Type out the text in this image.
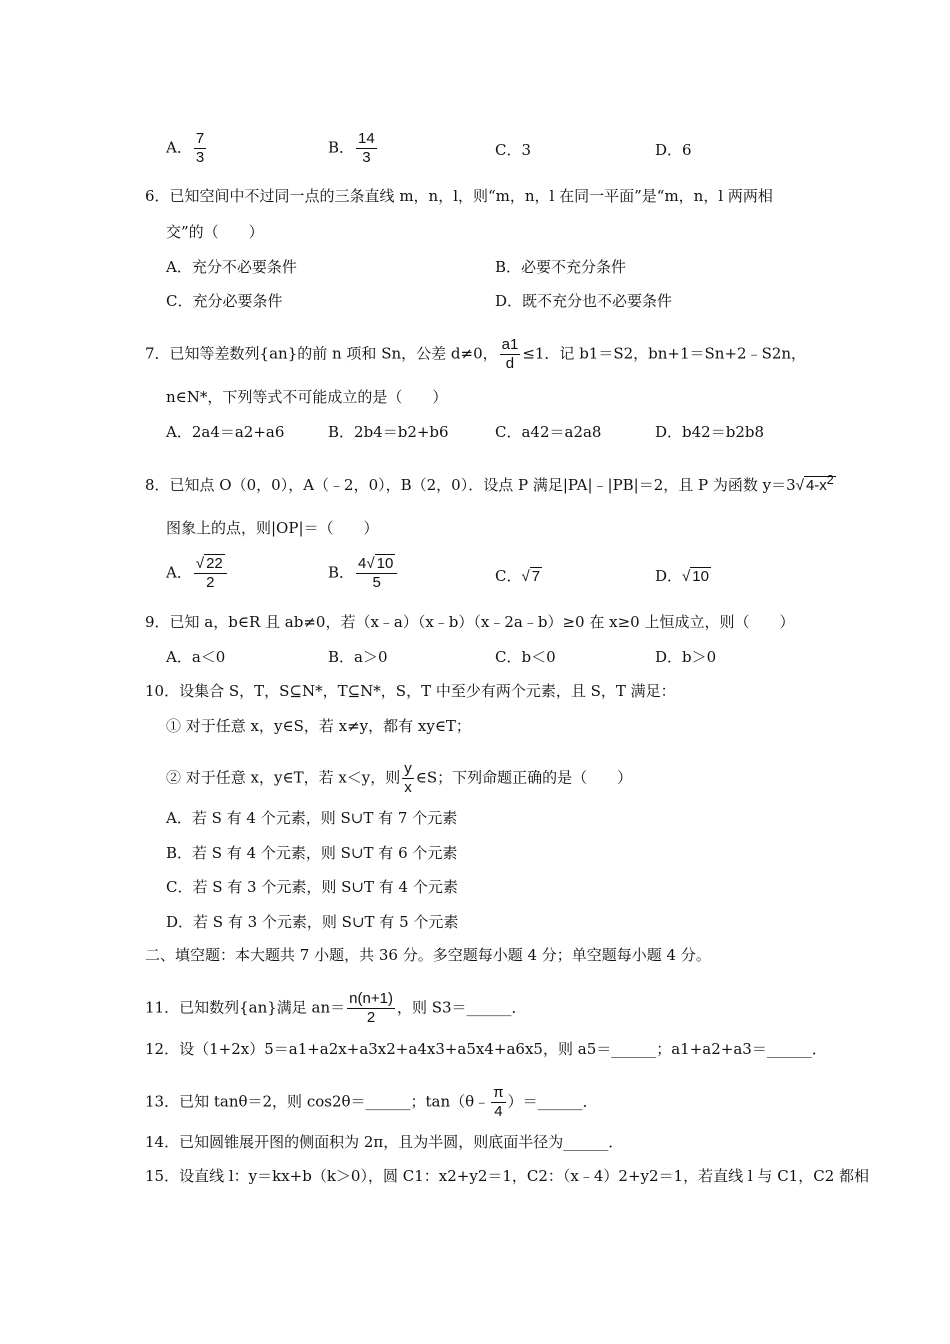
A． $\frac{7}{3}$	B． $\frac{14}{3}$	C．3	D．6
6．已知空间中不过同一点的三条直线 m，n，l，则“m，n，l 在同一平面”是“m，n，l 两两相
交”的（　　）
A．充分不必要条件	B．必要不充分条件
C．充分必要条件	D．既不充分也不必要条件
7．已知等差数列{an}的前 n 项和 Sn，公差 d≠0， $\frac{a1}{d} \le 1$．记 b1＝S2，bn+1＝Sn+2﹣S2n，
n∈N*，下列等式不可能成立的是（　　）
A．2a4＝a2+a6	B．2b4＝b2+b6	C．a42＝a2a8	D．b42＝b2b8
8．已知点 O（0，0），A（﹣2，0），B（2，0）．设点 P 满足|PA|﹣|PB|＝2，且 P 为函数 y＝3√ $4-x^2$
图象上的点，则|OP|＝（　　）
A． $\frac{√ 22}{2}$	B． $\frac{4√ 10}{5}$	C．√ 7	D．√ 10
9．已知 a，b∈R 且 ab≠0，若（x﹣a）（x﹣b）（x﹣2a﹣b）≥0 在 x≥0 上恒成立，则（　　）
A．a＜0	B．a＞0	C．b＜0	D．b＞0
10．设集合 S，T，S⊆N*，T⊆N*，S，T 中至少有两个元素，且 S，T 满足：
① 对于任意 x，y∈S，若 x≠y，都有 xy∈T；
② 对于任意 x，y∈T，若 x＜y，则 $\frac{y}{x}$ ∈S；下列命题正确的是（　　）
A．若 S 有 4 个元素，则 S∪T 有 7 个元素
B．若 S 有 4 个元素，则 S∪T 有 6 个元素
C．若 S 有 3 个元素，则 S∪T 有 4 个元素
D．若 S 有 3 个元素，则 S∪T 有 5 个元素
二、填空题：本大题共 7 小题，共 36 分。多空题每小题 4 分；单空题每小题 4 分。
11．已知数列{an}满足 $an= \frac{n(n+1)}{2}$ ，则 S3＝______．
12．设（1+2x）5＝a1+a2x+a3x2+a4x3+a5x4+a6x5，则 a5＝______；a1+a2+a3＝______．
13．已知 tanθ＝2，则 cos2θ＝______；tan（θ﹣ $\frac{\pi}{4}$ ）＝______．
14．已知圆锥展开图的侧面积为 2π，且为半圆，则底面半径为______．
15．设直线 l：y＝kx+b（k＞0），圆 C1：x2+y2＝1，C2：（x﹣4）2+y2＝1，若直线 l 与 C1，C2 都相
